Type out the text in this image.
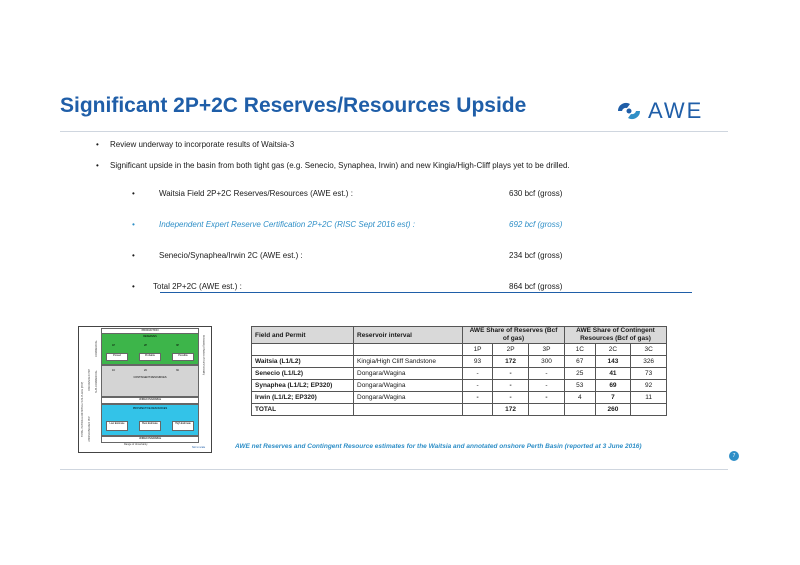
Significant 2P+2C Reserves/Resources Upside	AWE
• Review underway to incorporate results of Waitsia-3
• Significant upside in the basin from both tight gas (e.g. Senecio, Synaphea, Irwin) and new Kingia/High-Cliff plays yet to be drilled.
•	Waitsia Field 2P+2C Reserves/Resources (AWE est.) :	630 bcf (gross)
•	Independent Expert Reserve Certification 2P+2C (RISC Sept 2016 est) :	692 bcf (gross)
•	Senecio/Synaphea/Irwin 2C (AWE est.) :	234 bcf (gross)
• Total 2P+2C (AWE est.) :	864 bcf (gross)
TOTAL PETROLEUM INITIALLY-IN-PLACE (PIIP)
DISCOVERED PIIP
UNDISCOVERED PIIP
COMMERCIAL
SUB-COMMERCIAL
Increasing Chance of Commerciality
PRODUCTION
RESERVES
Proved	Probable	Possible
1P	2P	3P
CONTINGENT RESOURCES
1C	2C	3C
UNRECOVERABLE
PROSPECTIVE RESOURCES
Low Estimate	Best Estimate	High Estimate
UNRECOVERABLE
Range of Uncertainty
Not to scale
Field and Permit	Reservoir interval	AWE Share of Reserves (Bcf of gas)			AWE Share of Contingent Resources (Bcf of gas)		

		1P	2P	3P	1C	2C	3C
Waitsia (L1/L2)	Kingia/High Cliff Sandstone	93	172	300	67	143	326
Senecio (L1/L2)	Dongara/Wagina	-	-	-	25	41	73
Synaphea (L1/L2; EP320)	Dongara/Wagina	-	-	-	53	69	92
Irwin (L1/L2; EP320)	Dongara/Wagina	-	-	-	4	7	11
TOTAL			172			260	
AWE net Reserves and Contingent Resource estimates for the Waitsia and annotated onshore Perth Basin (reported at 3 June 2016)
7
